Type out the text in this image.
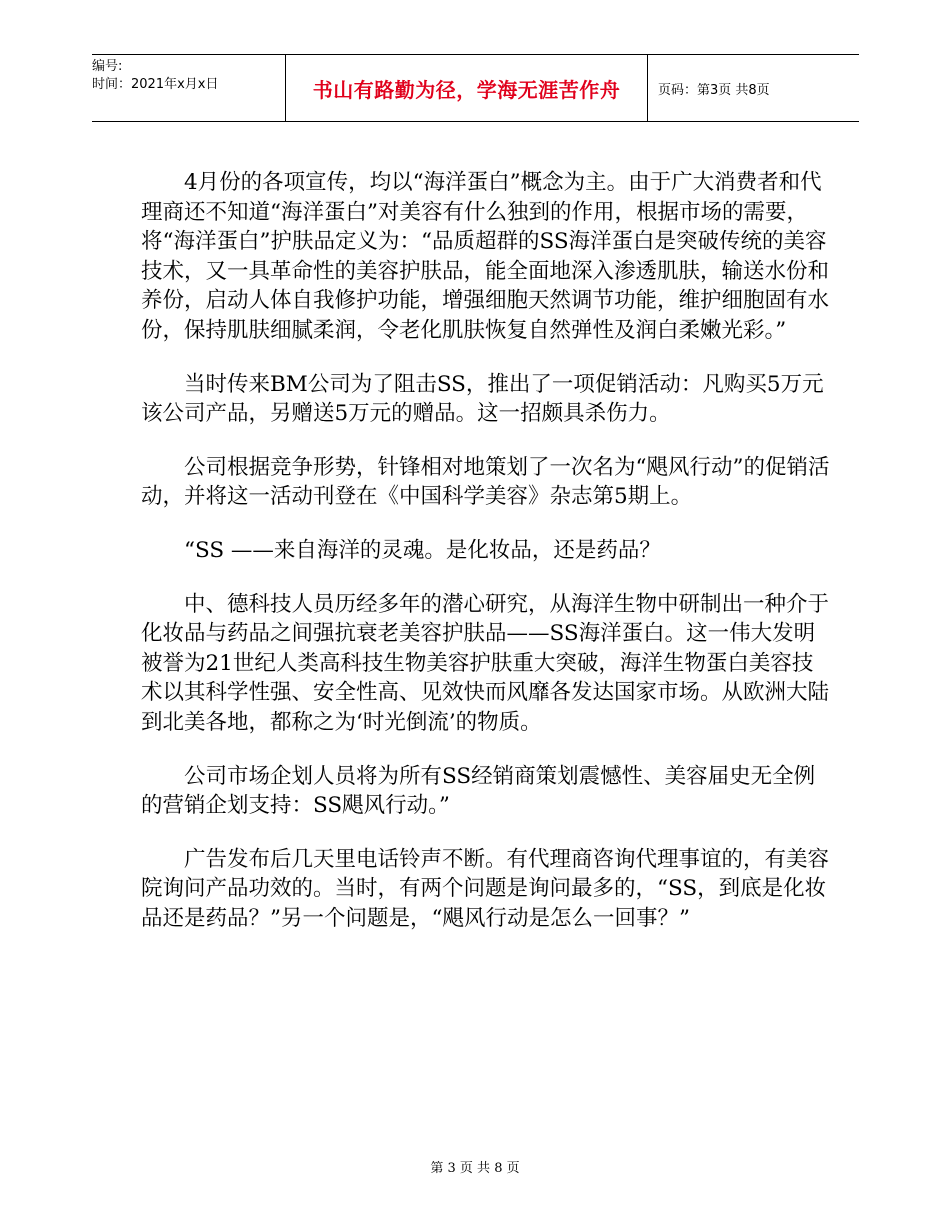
编号:
时间：2021年x月x日	书山有路勤为径，学海无涯苦作舟	页码：第3页 共8页

4月份的各项宣传，均以“海洋蛋白”概念为主。由于广大消费者和代理商还不知道“海洋蛋白”对美容有什么独到的作用，根据市场的需要，将“海洋蛋白”护肤品定义为：“品质超群的SS海洋蛋白是突破传统的美容技术，又一具革命性的美容护肤品，能全面地深入渗透肌肤，输送水份和养份，启动人体自我修护功能，增强细胞天然调节功能，维护细胞固有水份，保持肌肤细腻柔润，令老化肌肤恢复自然弹性及润白柔嫩光彩。”

当时传来BM公司为了阻击SS，推出了一项促销活动：凡购买5万元该公司产品，另赠送5万元的赠品。这一招颇具杀伤力。

公司根据竞争形势，针锋相对地策划了一次名为“飓风行动”的促销活动，并将这一活动刊登在《中国科学美容》杂志第5期上。

“SS ——来自海洋的灵魂。是化妆品，还是药品？

中、德科技人员历经多年的潜心研究，从海洋生物中研制出一种介于化妆品与药品之间强抗衰老美容护肤品——SS海洋蛋白。这一伟大发明被誉为21世纪人类高科技生物美容护肤重大突破，海洋生物蛋白美容技术以其科学性强、安全性高、见效快而风靡各发达国家市场。从欧洲大陆到北美各地，都称之为‘时光倒流’的物质。

公司市场企划人员将为所有SS经销商策划震憾性、美容届史无全例的营销企划支持：SS飓风行动。”

广告发布后几天里电话铃声不断。有代理商咨询代理事谊的，有美容院询问产品功效的。当时，有两个问题是询问最多的，“SS，到底是化妆品还是药品？”另一个问题是，“飓风行动是怎么一回事？”

第 3 页 共 8 页
